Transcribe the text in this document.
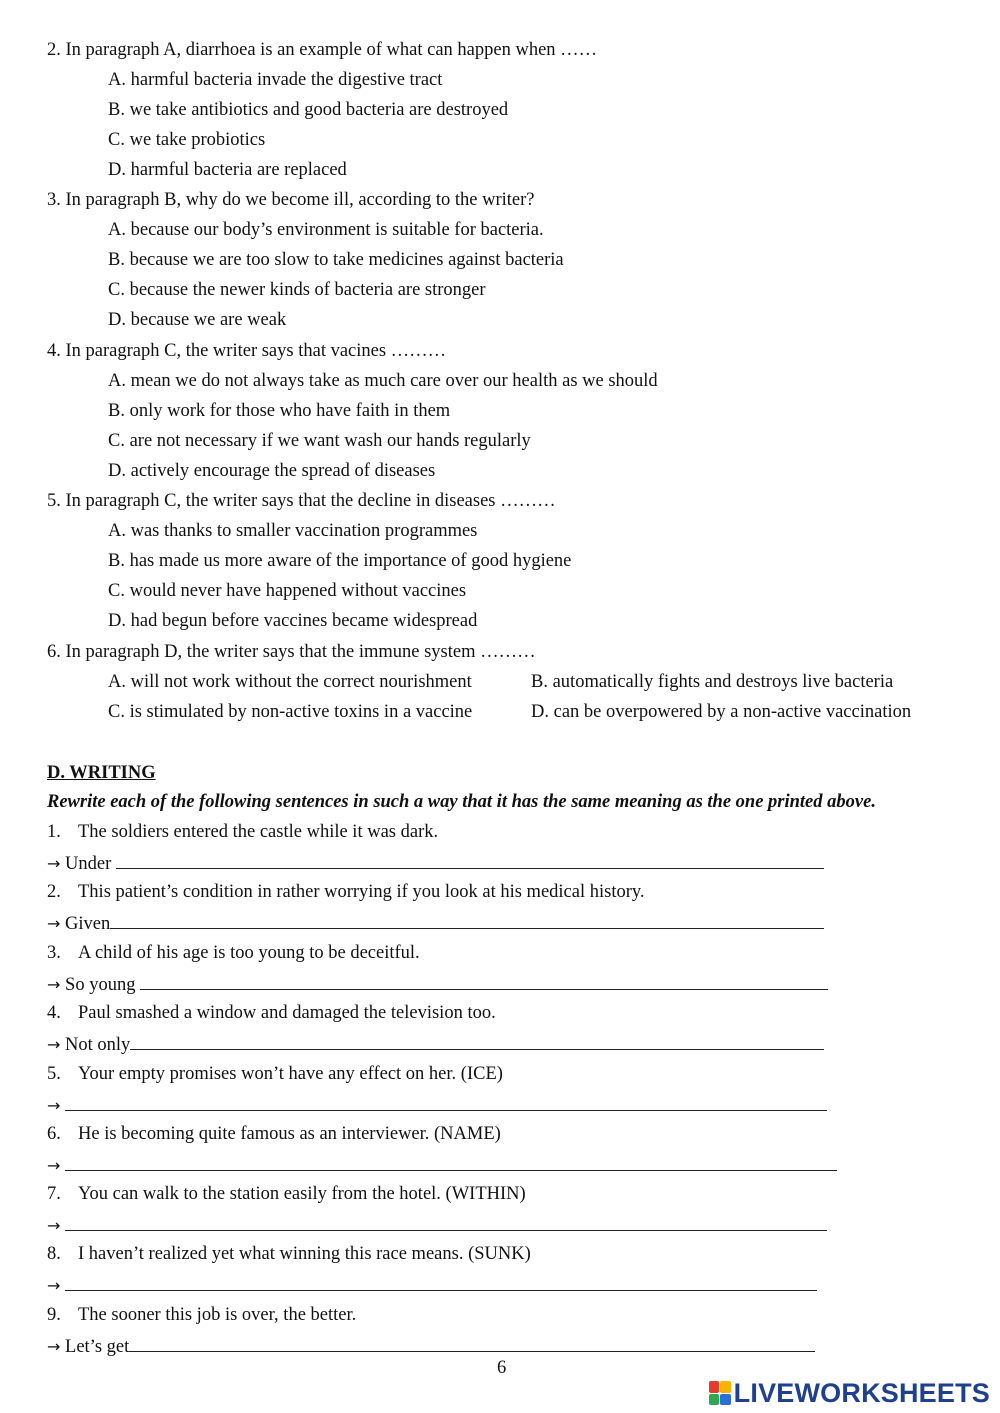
2. In paragraph A, diarrhoea is an example of what can happen when ……
A. harmful bacteria invade the digestive tract
B. we take antibiotics and good bacteria are destroyed
C. we take probiotics
D. harmful bacteria are replaced
3. In paragraph B, why do we become ill, according to the writer?
A. because our body’s environment is suitable for bacteria.
B. because we are too slow to take medicines against bacteria
C. because the newer kinds of bacteria are stronger
D. because we are weak
4. In paragraph C, the writer says that vacines ………
A. mean we do not always take as much care over our health as we should
B. only work for those who have faith in them
C. are not necessary if we want wash our hands regularly
D. actively encourage the spread of diseases
5. In paragraph C, the writer says that the decline in diseases ………
A. was thanks to smaller vaccination programmes
B. has made us more aware of the importance of good hygiene
C. would never have happened without vaccines
D. had begun before vaccines became widespread
6. In paragraph D, the writer says that the immune system ………
A. will not work without the correct nourishment	B. automatically fights and destroys live bacteria
C. is stimulated by non-active toxins in a vaccine	D. can be overpowered by a non-active vaccination
D. WRITING
Rewrite each of the following sentences in such a way that it has the same meaning as the one printed above.
1. The soldiers entered the castle while it was dark.
→ Under
2. This patient’s condition in rather worrying if you look at his medical history.
→ Given
3. A child of his age is too young to be deceitful.
→ So young
4. Paul smashed a window and damaged the television too.
→ Not only
5. Your empty promises won’t have any effect on her. (ICE)
→
6. He is becoming quite famous as an interviewer. (NAME)
→
7. You can walk to the station easily from the hotel. (WITHIN)
→
8. I haven’t realized yet what winning this race means. (SUNK)
→
9. The sooner this job is over, the better.
→ Let’s get
6
LIVEWORKSHEETS
